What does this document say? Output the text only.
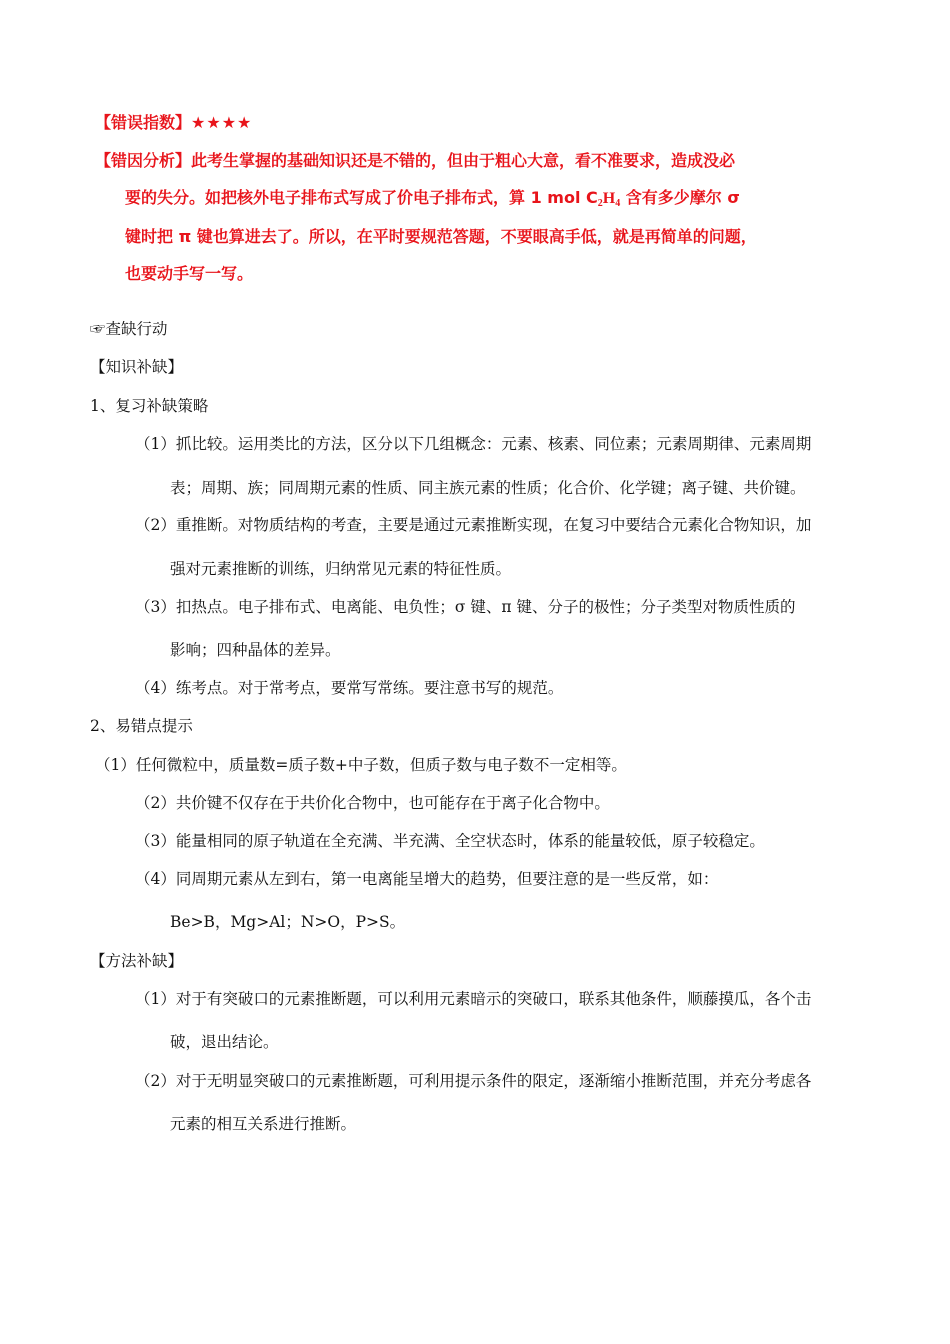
【错误指数】★★★★
【错因分析】此考生掌握的基础知识还是不错的，但由于粗心大意，看不准要求，造成没必
要的失分。如把核外电子排布式写成了价电子排布式，算 1 mol $C_2H_4$ 含有多少摩尔 σ
键时把 π 键也算进去了。所以，在平时要规范答题，不要眼高手低，就是再简单的问题，
也要动手写一写。
☞查缺行动
【知识补缺】
1、复习补缺策略
（1）抓比较。运用类比的方法，区分以下几组概念：元素、核素、同位素；元素周期律、元素周期
表；周期、族；同周期元素的性质、同主族元素的性质；化合价、化学键；离子键、共价键。
（2）重推断。对物质结构的考查，主要是通过元素推断实现，在复习中要结合元素化合物知识，加
强对元素推断的训练，归纳常见元素的特征性质。
（3）扣热点。电子排布式、电离能、电负性；σ 键、π 键、分子的极性；分子类型对物质性质的
影响；四种晶体的差异。
（4）练考点。对于常考点，要常写常练。要注意书写的规范。
2、易错点提示
（1）任何微粒中，质量数=质子数+中子数，但质子数与电子数不一定相等。
（2）共价键不仅存在于共价化合物中，也可能存在于离子化合物中。
（3）能量相同的原子轨道在全充满、半充满、全空状态时，体系的能量较低，原子较稳定。
（4）同周期元素从左到右，第一电离能呈增大的趋势，但要注意的是一些反常，如：
Be>B，Mg>Al；N>O，P>S。
【方法补缺】
（1）对于有突破口的元素推断题，可以利用元素暗示的突破口，联系其他条件，顺藤摸瓜，各个击
破，退出结论。
（2）对于无明显突破口的元素推断题，可利用提示条件的限定，逐渐缩小推断范围，并充分考虑各
元素的相互关系进行推断。
